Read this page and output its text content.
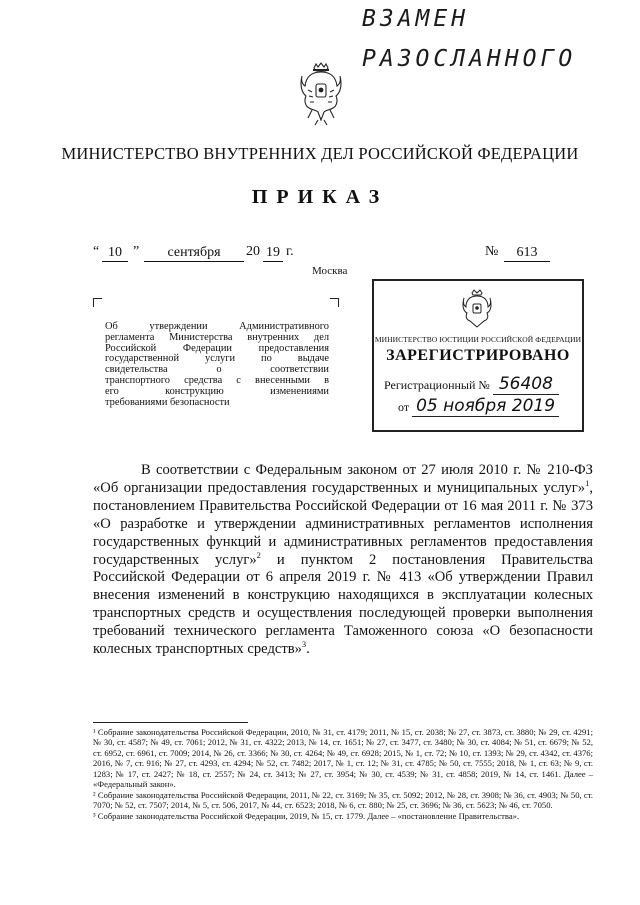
ВЗАМЕН
РАЗОСЛАННОГО
МИНИСТЕРСТВО ВНУТРЕННИХ ДЕЛ РОССИЙСКОЙ ФЕДЕРАЦИИ
ПРИКАЗ
“ 10 ”	сентября	20 19 г.	№	613
Москва
Об утверждении Административного
регламента Министерства внутренних дел
Российской Федерации предоставления
государственной услуги по выдаче
свидетельства о соответствии
транспортного средства с внесенными в
его конструкцию изменениями
требованиями безопасности
МИНИСТЕРСТВО ЮСТИЦИИ РОССИЙСКОЙ ФЕДЕРАЦИИ
ЗАРЕГИСТРИРОВАНО
Регистрационный № 56408
от 05 ноября 2019

В соответствии с Федеральным законом от 27 июля 2010 г. № 210-ФЗ «Об организации предоставления государственных и муниципальных услуг»$^1$, постановлением Правительства Российской Федерации от 16 мая 2011 г. № 373 «О разработке и утверждении административных регламентов исполнения государственных функций и административных регламентов предоставления государственных услуг»$^2$ и пунктом 2 постановления Правительства Российской Федерации от 6 апреля 2019 г. № 413 «Об утверждении Правил внесения изменений в конструкцию находящихся в эксплуатации колесных транспортных средств и осуществления последующей проверки выполнения требований технического регламента Таможенного союза «О безопасности колесных транспортных средств»$^3$.

¹ Собрание законодательства Российской Федерации, 2010, № 31, ст. 4179; 2011, № 15, ст. 2038; № 27, ст. 3873, ст. 3880; № 29, ст. 4291; № 30, ст. 4587; № 49, ст. 7061; 2012, № 31, ст. 4322; 2013, № 14, ст. 1651; № 27, ст. 3477, ст. 3480; № 30, ст. 4084; № 51, ст. 6679; № 52, ст. 6952, ст. 6961, ст. 7009; 2014, № 26, ст. 3366; № 30, ст. 4264; № 49, ст. 6928; 2015, № 1, ст. 72; № 10, ст. 1393; № 29, ст. 4342, ст. 4376; 2016, № 7, ст. 916; № 27, ст. 4293, ст. 4294; № 52, ст. 7482; 2017, № 1, ст. 12; № 31, ст. 4785; № 50, ст. 7555; 2018, № 1, ст. 63; № 9, ст. 1283; № 17, ст. 2427; № 18, ст. 2557; № 24, ст. 3413; № 27, ст. 3954; № 30, ст. 4539; № 31, ст. 4858; 2019, № 14, ст. 1461. Далее – «Федеральный закон».

² Собрание законодательства Российской Федерации, 2011, № 22, ст. 3169; № 35, ст. 5092; 2012, № 28, ст. 3908; № 36, ст. 4903; № 50, ст. 7070; № 52, ст. 7507; 2014, № 5, ст. 506, 2017, № 44, ст. 6523; 2018, № 6, ст. 880; № 25, ст. 3696; № 36, ст. 5623; № 46, ст. 7050.

³ Собрание законодательства Российской Федерации, 2019, № 15, ст. 1779. Далее – «постановление Правительства».
